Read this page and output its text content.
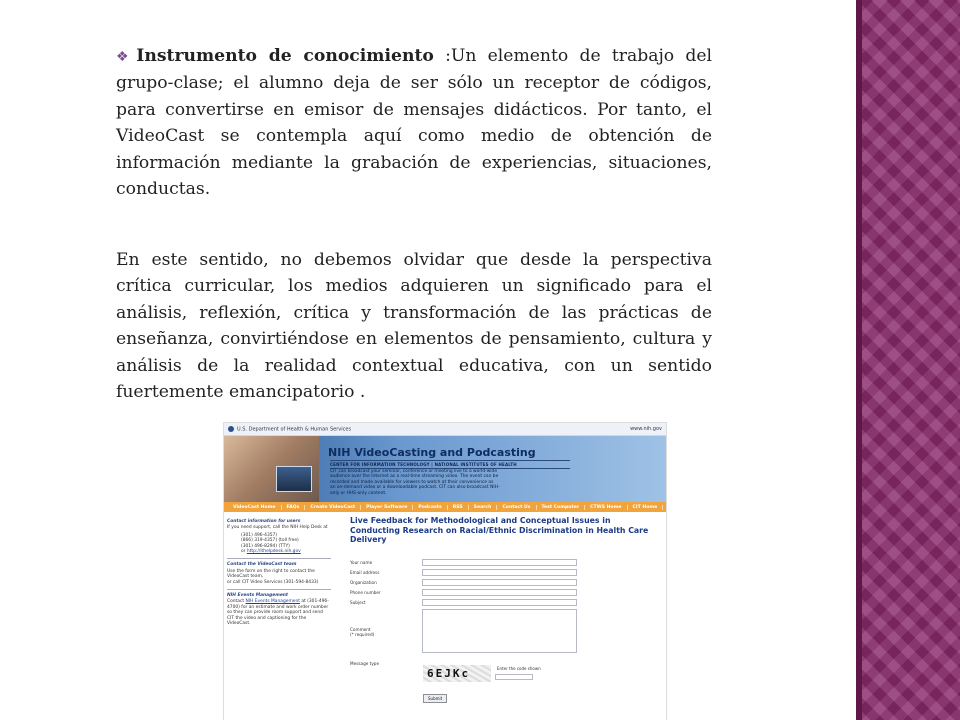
❖ Instrumento de conocimiento :Un elemento de trabajo del grupo-clase; el alumno deja de ser sólo un receptor de códigos, para convertirse en emisor de mensajes didácticos. Por tanto, el VideoCast se contempla aquí como medio de obtención de información mediante la grabación de experiencias, situaciones, conductas.

En este sentido, no debemos olvidar que desde la perspectiva crítica curricular, los medios adquieren un significado para el análisis, reflexión, crítica y transformación de las prácticas de enseñanza, convirtiéndose en elementos de pensamiento, cultura y análisis de la realidad contextual educativa, con un sentido fuertemente emancipatorio .

U.S. Department of Health & Human Services	www.nih.gov
NIH VideoCasting and Podcasting
CENTER FOR INFORMATION TECHNOLOGY | NATIONAL INSTITUTES OF HEALTH
CIT can broadcast your seminar, conference or meeting live to a world-wide audience over the Internet as a real-time streaming video. The event can be recorded and made available for viewers to watch at their convenience as an on-demand video or a downloadable podcast. CIT can also broadcast NIH-only or HHS-only content.
VideoCast Home	FAQs	Create VideoCast	Player Software	Podcasts	RSS	Search	Contact Us	Test Computer	CTWS Home	CIT Home
Contact information for users

If you need support, call the NIH Help Desk at

(301) 496-4357)
(866) 319-4357) (toll free)
(301) 496-8294) (TTY)
or http://ithelpdesk.nih.gov

Contact the VideoCast team

Use the form on the right to contact the VideoCast team,
or call CIT Video Services (301-594-8433)

NIH Events Management

Contact NIH Events Management at (301-496-4700) for an estimate and work order number so they can provide room support and send CIT the video and captioning for the VideoCast.

Live Feedback for Methodological and Conceptual Issues in Conducting Research on Racial/Ethnic Discrimination in Health Care Delivery
Your name
Email address
Organization
Phone number
Subject
Comment
(* required)
Message type
6EJKc	Enter the code shown
Submit
